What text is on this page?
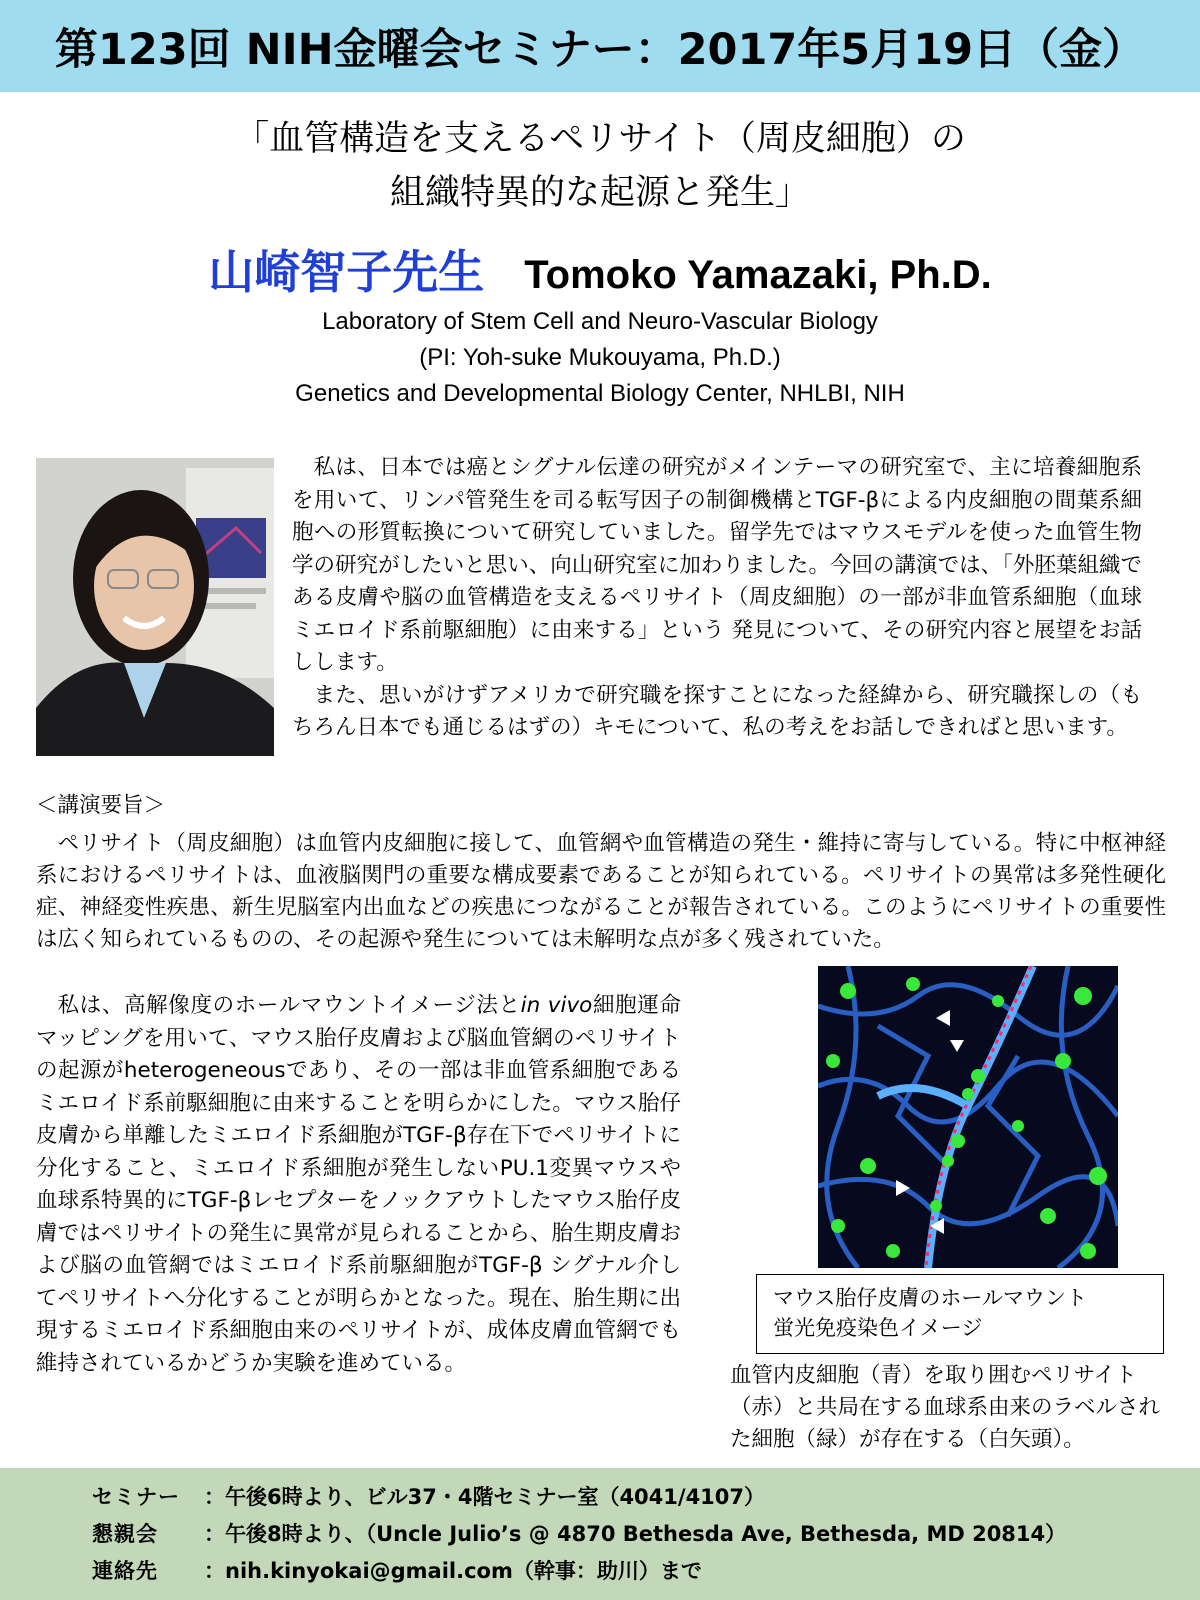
第123回 NIH金曜会セミナー：2017年5月19日（金）
「血管構造を支えるペリサイト（周皮細胞）の
組織特異的な起源と発生」
山崎智子先生 Tomoko Yamazaki, Ph.D.
Laboratory of Stem Cell and Neuro-Vascular Biology
(PI: Yoh-suke Mukouyama, Ph.D.)
Genetics and Developmental Biology Center, NHLBI, NIH

私は、日本では癌とシグナル伝達の研究がメインテーマの研究室で、主に培養細胞系を用いて、リンパ管発生を司る転写因子の制御機構とTGF-βによる内皮細胞の間葉系細胞への形質転換について研究していました。留学先ではマウスモデルを使った血管生物学の研究がしたいと思い、向山研究室に加わりました。今回の講演では、「外胚葉組織である皮膚や脳の血管構造を支えるペリサイト（周皮細胞）の一部が非血管系細胞（血球ミエロイド系前駆細胞）に由来する」という 発見について、その研究内容と展望をお話しします。

また、思いがけずアメリカで研究職を探すことになった経緯から、研究職探しの（もちろん日本でも通じるはずの）キモについて、私の考えをお話しできればと思います。

＜講演要旨＞

ペリサイト（周皮細胞）は血管内皮細胞に接して、血管網や血管構造の発生・維持に寄与している。特に中枢神経系におけるペリサイトは、血液脳関門の重要な構成要素であることが知られている。ペリサイトの異常は多発性硬化症、神経変性疾患、新生児脳室内出血などの疾患につながることが報告されている。このようにペリサイトの重要性は広く知られているものの、その起源や発生については未解明な点が多く残されていた。

私は、高解像度のホールマウントイメージ法とin vivo細胞運命マッピングを用いて、マウス胎仔皮膚および脳血管網のペリサイトの起源がheterogeneousであり、その一部は非血管系細胞であるミエロイド系前駆細胞に由来することを明らかにした。マウス胎仔皮膚から単離したミエロイド系細胞がTGF-β存在下でペリサイトに分化すること、ミエロイド系細胞が発生しないPU.1変異マウスや血球系特異的にTGF-βレセプターをノックアウトしたマウス胎仔皮膚ではペリサイトの発生に異常が見られることから、胎生期皮膚および脳の血管網ではミエロイド系前駆細胞がTGF-β シグナル介してペリサイトへ分化することが明らかとなった。現在、胎生期に出現するミエロイド系細胞由来のペリサイトが、成体皮膚血管網でも維持されているかどうか実験を進めている。

マウス胎仔皮膚のホールマウント
蛍光免疫染色イメージ

血管内皮細胞（青）を取り囲むペリサイト（赤）と共局在する血球系由来のラベルされた細胞（緑）が存在する（白矢頭）。

セミナー ：午後6時より、ビル37・4階セミナー室（4041/4107）
懇親会 ：午後8時より、（Uncle Julio’s @ 4870 Bethesda Ave, Bethesda, MD 20814）
連絡先 ：nih.kinyokai@gmail.com（幹事：助川）まで
